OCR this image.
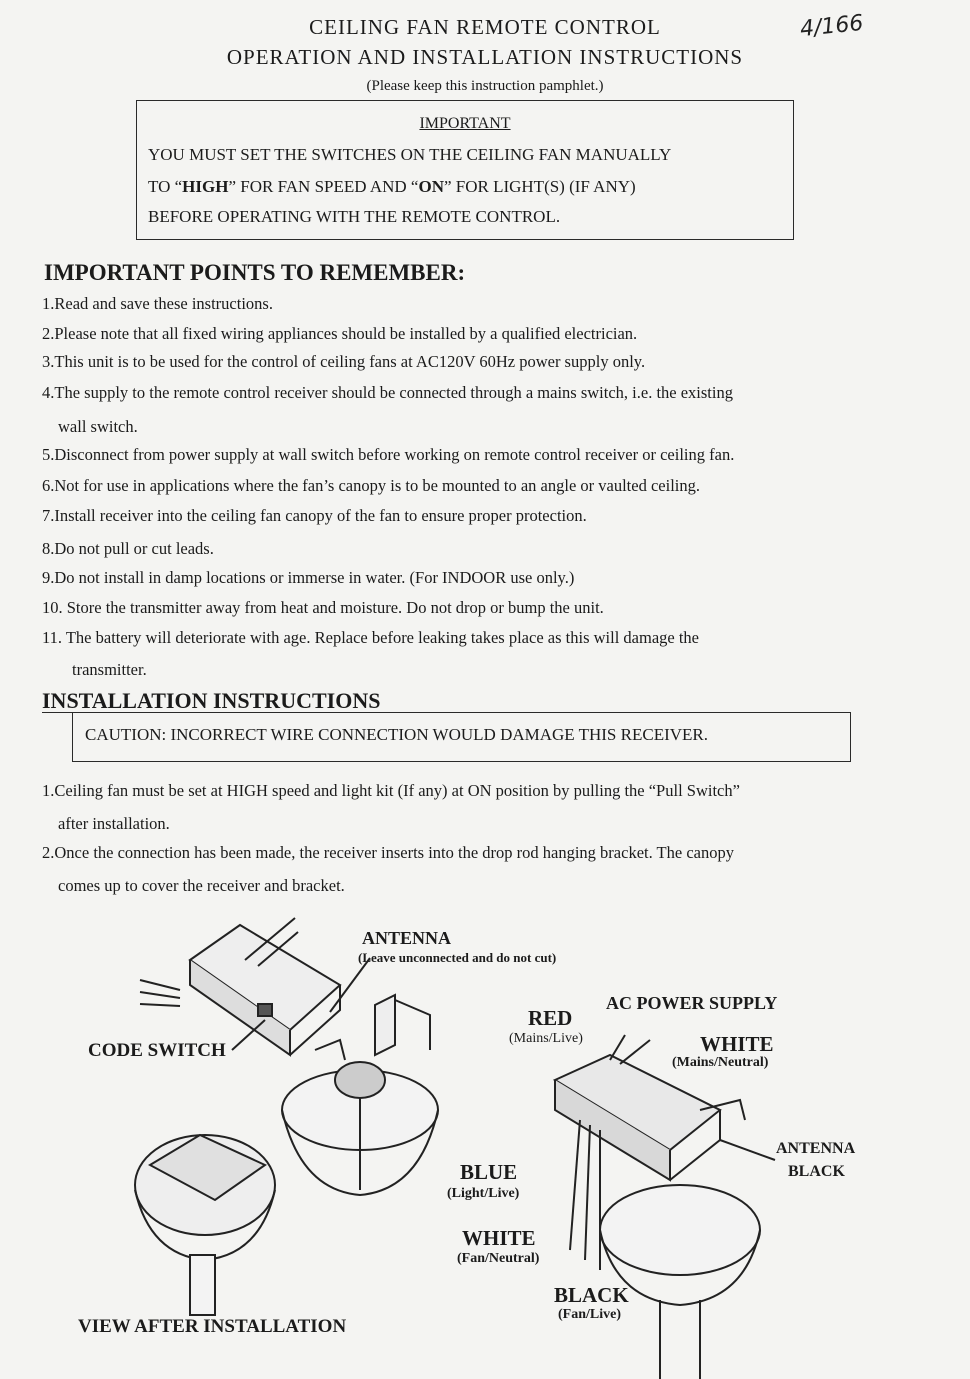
CEILING FAN REMOTE CONTROL
OPERATION AND INSTALLATION INSTRUCTIONS
(Please keep this instruction pamphlet.)
4/166
IMPORTANT
YOU MUST SET THE SWITCHES ON THE CEILING FAN MANUALLY
TO “HIGH” FOR FAN SPEED AND “ON” FOR LIGHT(S) (IF ANY)
BEFORE OPERATING WITH THE REMOTE CONTROL.
IMPORTANT POINTS TO REMEMBER:
1.Read and save these instructions.
2.Please note that all fixed wiring appliances should be installed by a qualified electrician.
3.This unit is to be used for the control of ceiling fans at AC120V 60Hz power supply only.
4.The supply to the remote control receiver should be connected through a mains switch, i.e. the existing
wall switch.
5.Disconnect from power supply at wall switch before working on remote control receiver or ceiling fan.
6.Not for use in applications where the fan’s canopy is to be mounted to an angle or vaulted ceiling.
7.Install receiver into the ceiling fan canopy of the fan to ensure proper protection.
8.Do not pull or cut leads.
9.Do not install in damp locations or immerse in water. (For INDOOR use only.)
10. Store the transmitter away from heat and moisture. Do not drop or bump the unit.
11. The battery will deteriorate with age. Replace before leaking takes place as this will damage the
transmitter.
INSTALLATION INSTRUCTIONS
CAUTION: INCORRECT WIRE CONNECTION WOULD DAMAGE THIS RECEIVER.
1.Ceiling fan must be set at HIGH speed and light kit (If any) at ON position by pulling the “Pull Switch”
after installation.
2.Once the connection has been made, the receiver inserts into the drop rod hanging bracket. The canopy
comes up to cover the receiver and bracket.
ANTENNA
(Leave unconnected and do not cut)
CODE SWITCH
AC POWER SUPPLY
RED
(Mains/Live)	WHITE
(Mains/Neutral)
ANTENNA
BLACK
BLUE
(Light/Live)
WHITE
(Fan/Neutral)
BLACK
(Fan/Live)
VIEW AFTER INSTALLATION
